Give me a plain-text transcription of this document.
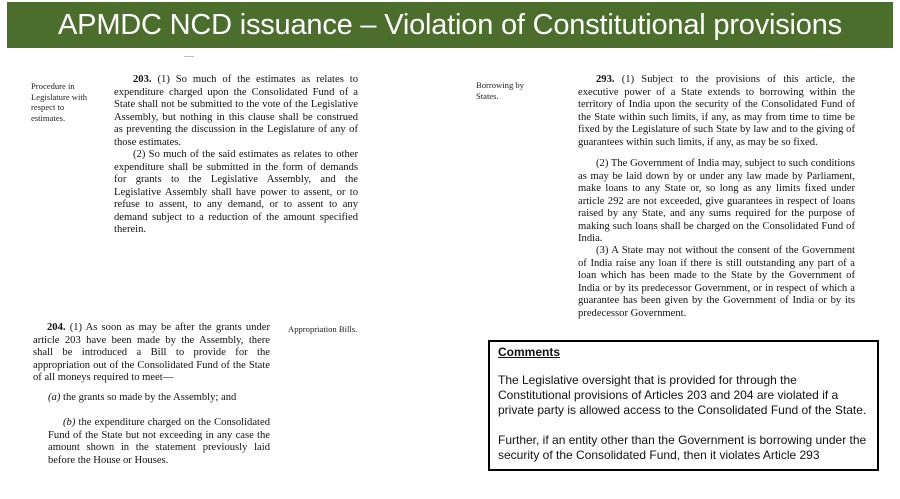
APMDC NCD issuance – Violation of Constitutional provisions
Procedure in Legislature with respect to estimates.

203. (1) So much of the estimates as relates to expenditure charged upon the Consolidated Fund of a State shall not be submitted to the vote of the Legislative Assembly, but nothing in this clause shall be construed as preventing the discussion in the Legislature of any of those estimates.

(2) So much of the said estimates as relates to other expenditure shall be submitted in the form of demands for grants to the Legislative Assembly, and the Legislative Assembly shall have power to assent, or to refuse to assent, to any demand, or to assent to any demand subject to a reduction of the amount specified therein.

204. (1) As soon as may be after the grants under article 203 have been made by the Assembly, there shall be introduced a Bill to provide for the appropriation out of the Consolidated Fund of the State of all moneys required to meet—

Appropriation Bills.

(a) the grants so made by the Assembly; and

(b) the expenditure charged on the Consolidated Fund of the State but not exceeding in any case the amount shown in the statement previously laid before the House or Houses.

Borrowing by States.

293. (1) Subject to the provisions of this article, the executive power of a State extends to borrowing within the territory of India upon the security of the Consolidated Fund of the State within such limits, if any, as may from time to time be fixed by the Legislature of such State by law and to the giving of guarantees within such limits, if any, as may be so fixed.

(2) The Government of India may, subject to such conditions as may be laid down by or under any law made by Parliament, make loans to any State or, so long as any limits fixed under article 292 are not exceeded, give guarantees in respect of loans raised by any State, and any sums required for the purpose of making such loans shall be charged on the Consolidated Fund of India.

(3) A State may not without the consent of the Government of India raise any loan if there is still outstanding any part of a loan which has been made to the State by the Government of India or by its predecessor Government, or in respect of which a guarantee has been given by the Government of India or by its predecessor Government.

Comments

The Legislative oversight that is provided for through the Constitutional provisions of Articles 203 and 204 are violated if a private party is allowed access to the Consolidated Fund of the State.

Further, if an entity other than the Government is borrowing under the security of the Consolidated Fund, then it violates Article 293
